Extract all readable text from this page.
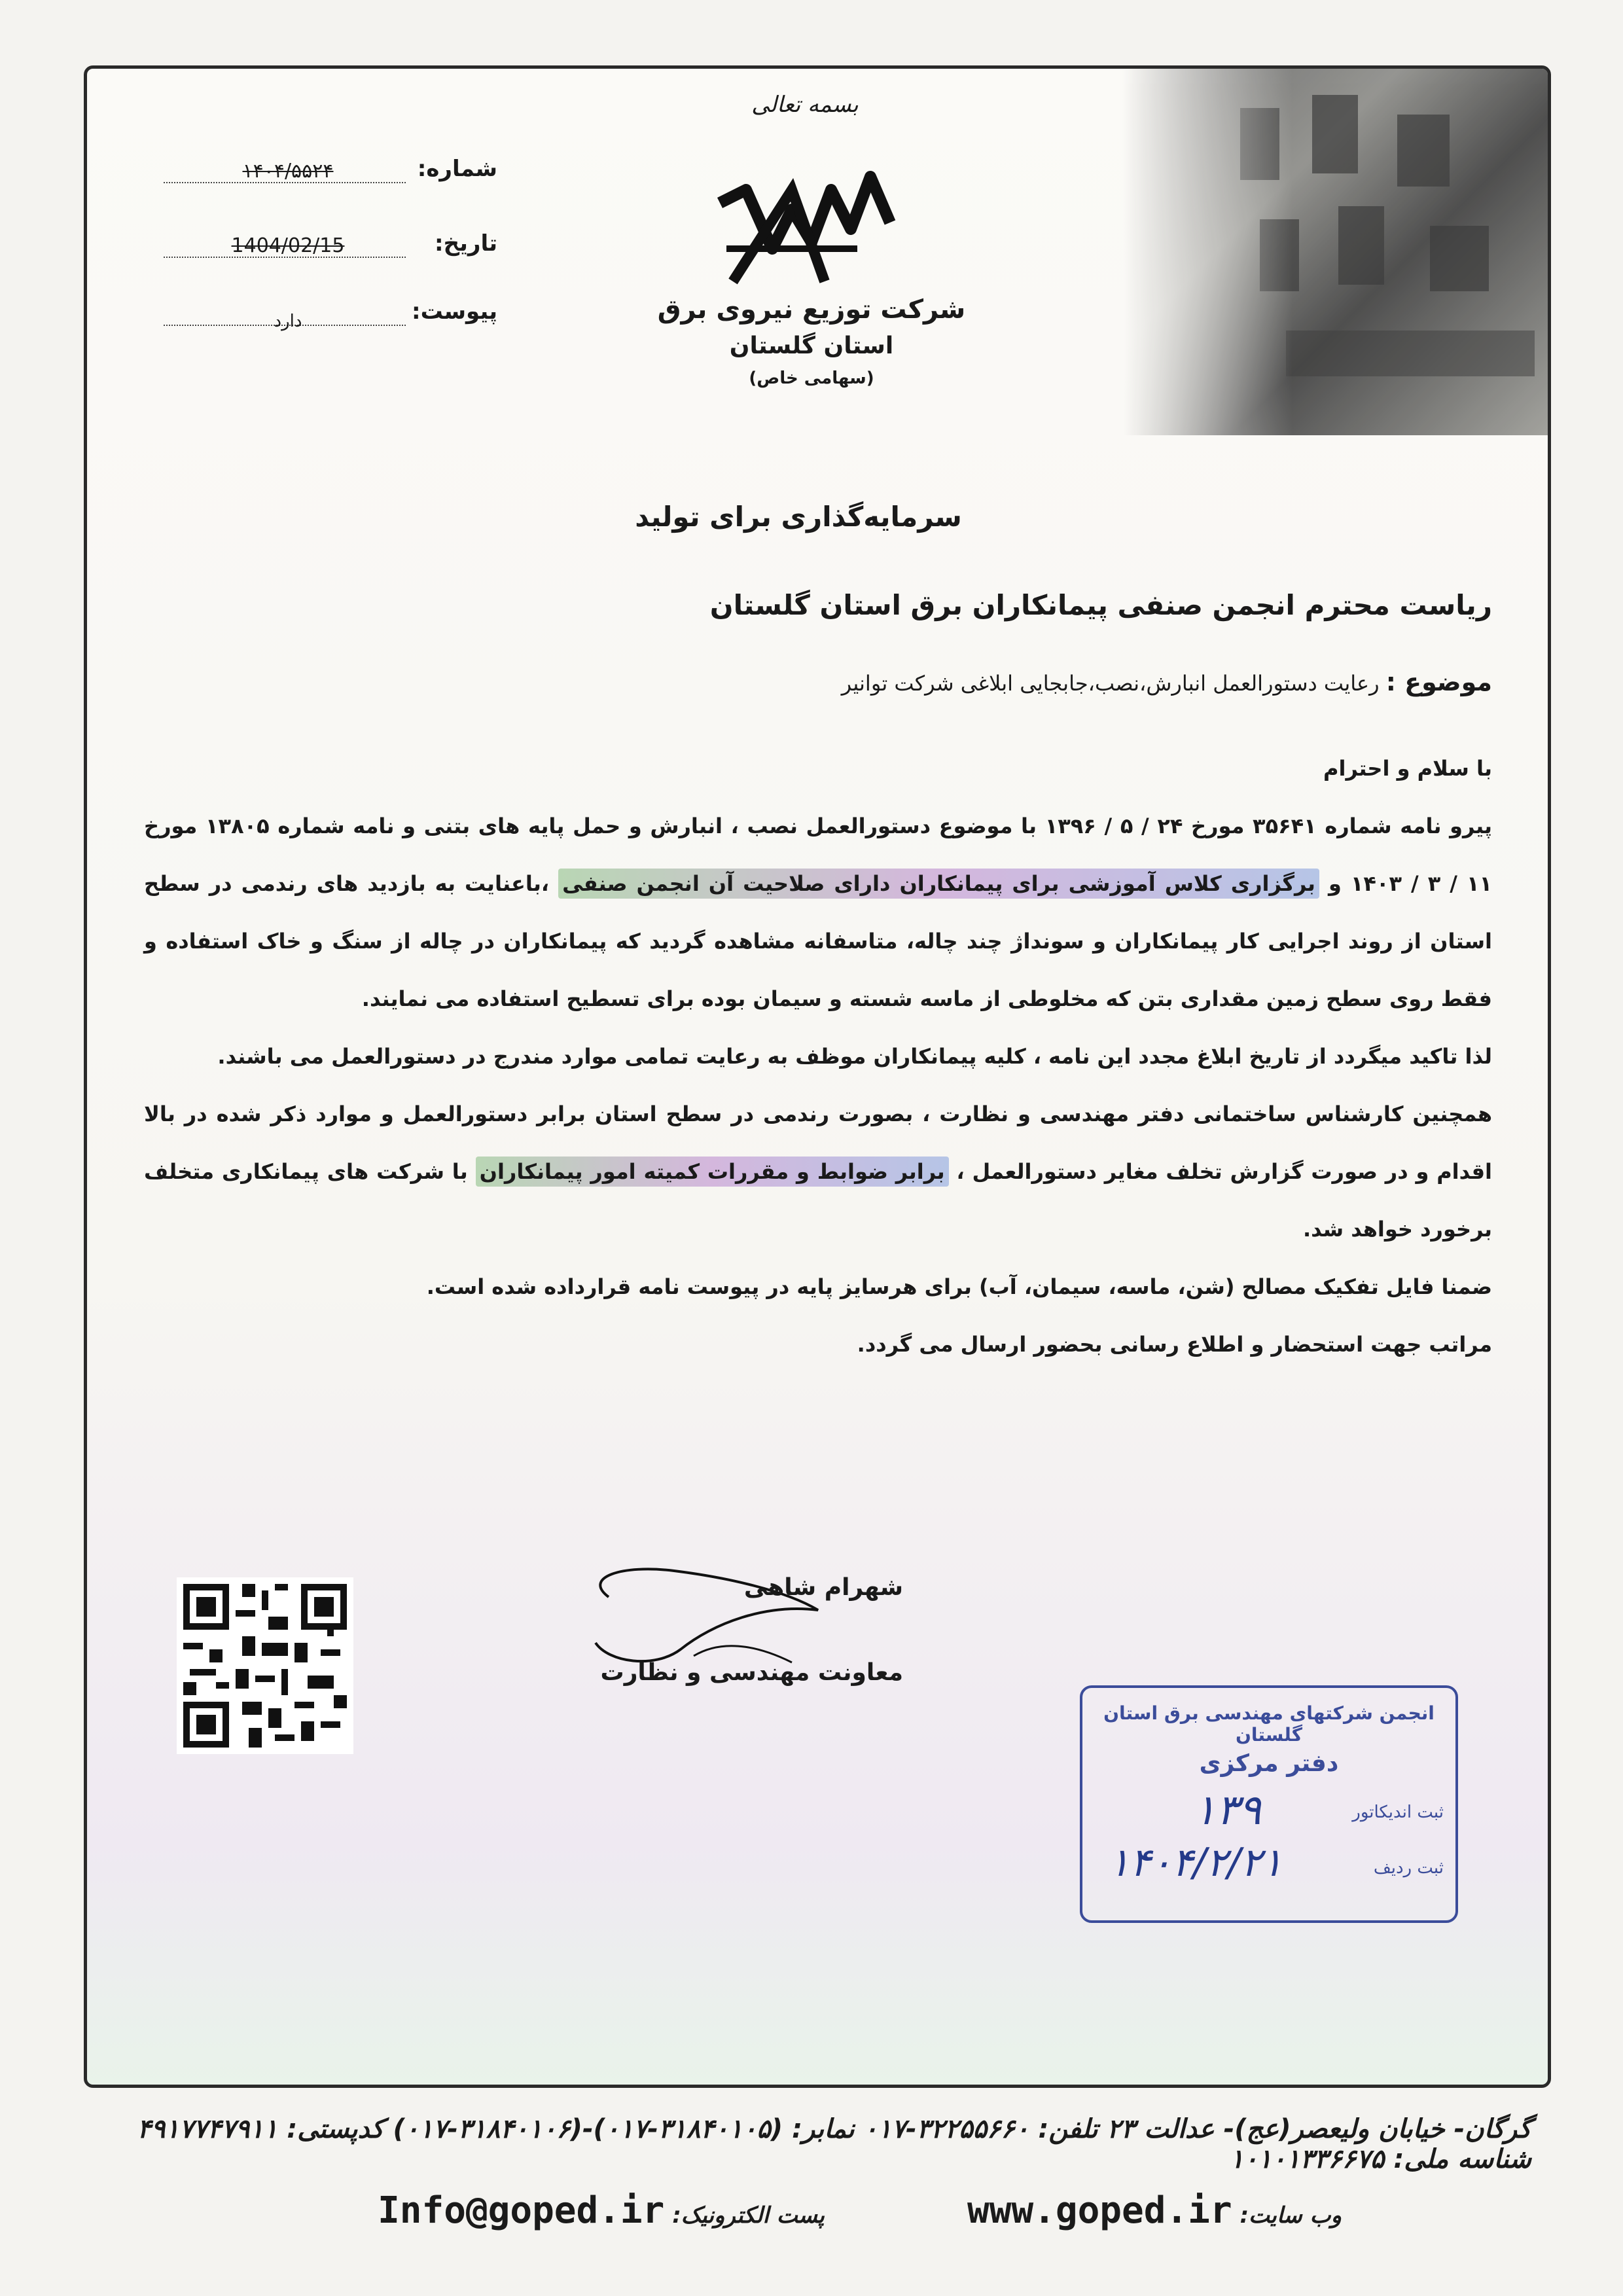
بسمه تعالی
شرکت توزیع نیروی برق
استان گلستان
(سهامی خاص)
شماره:
۱۴۰۴/۵۵۲۴
تاریخ:
1404/02/15
پیوست:
دارد
سرمایه‌گذاری برای تولید
ریاست محترم انجمن صنفی پیمانکاران برق استان گلستان
موضوع : رعایت دستورالعمل انبارش،نصب،جابجایی ابلاغی شرکت توانیر

با سلام و احترام

پیرو نامه شماره ۳۵۶۴۱ مورخ ۲۴ / ۵ / ۱۳۹۶ با موضوع دستورالعمل نصب ، انبارش و حمل پایه های بتنی و نامه شماره ۱۳۸۰۵ مورخ ۱۱ / ۳ / ۱۴۰۳ و برگزاری کلاس آموزشی برای پیمانکاران دارای صلاحیت آن انجمن صنفی ،باعنایت به بازدید های رندمی در سطح استان از روند اجرایی کار پیمانکاران و سونداژ چند چاله، متاسفانه مشاهده گردید که پیمانکاران در چاله از سنگ و خاک استفاده و فقط روی سطح زمین مقداری بتن که مخلوطی از ماسه شسته و سیمان بوده برای تسطیح استفاده می نمایند.

لذا تاکید میگردد از تاریخ ابلاغ مجدد این نامه ، کلیه پیمانکاران موظف به رعایت تمامی موارد مندرج در دستورالعمل می باشند.

همچنین کارشناس ساختمانی دفتر مهندسی و نظارت ، بصورت رندمی در سطح استان برابر دستورالعمل و موارد ذکر شده در بالا اقدام و در صورت گزارش تخلف مغایر دستورالعمل ، برابر ضوابط و مقررات کمیته امور پیمانکاران با شرکت های پیمانکاری متخلف برخورد خواهد شد.

ضمنا فایل تفکیک مصالح (شن، ماسه، سیمان، آب) برای هرسایز پایه در پیوست نامه قرارداده شده است.

مراتب جهت استحضار و اطلاع رسانی بحضور ارسال می گردد.

شهرام شاهی
معاونت مهندسی و نظارت
انجمن شرکتهای مهندسی برق استان گلستان
دفتر مرکزی
ثبت اندیکاتور
۱۳۹
ثبت ردیف
۱۴۰۴/۲/۲۱
گرگان- خیابان ولیعصر(عج)- عدالت ۲۳ تلفن: ۳۲۲۵۵۶۶۰-۰۱۷ نمابر: (۳۱۸۴۰۱۰۵-۰۱۷)-(۳۱۸۴۰۱۰۶-۰۱۷) کدپستی: ۴۹۱۷۷۴۷۹۱۱ شناسه ملی: ۱۰۱۰۱۳۳۶۶۷۵
وب سایت: www.goped.ir
پست الکترونیک: Info@goped.ir
